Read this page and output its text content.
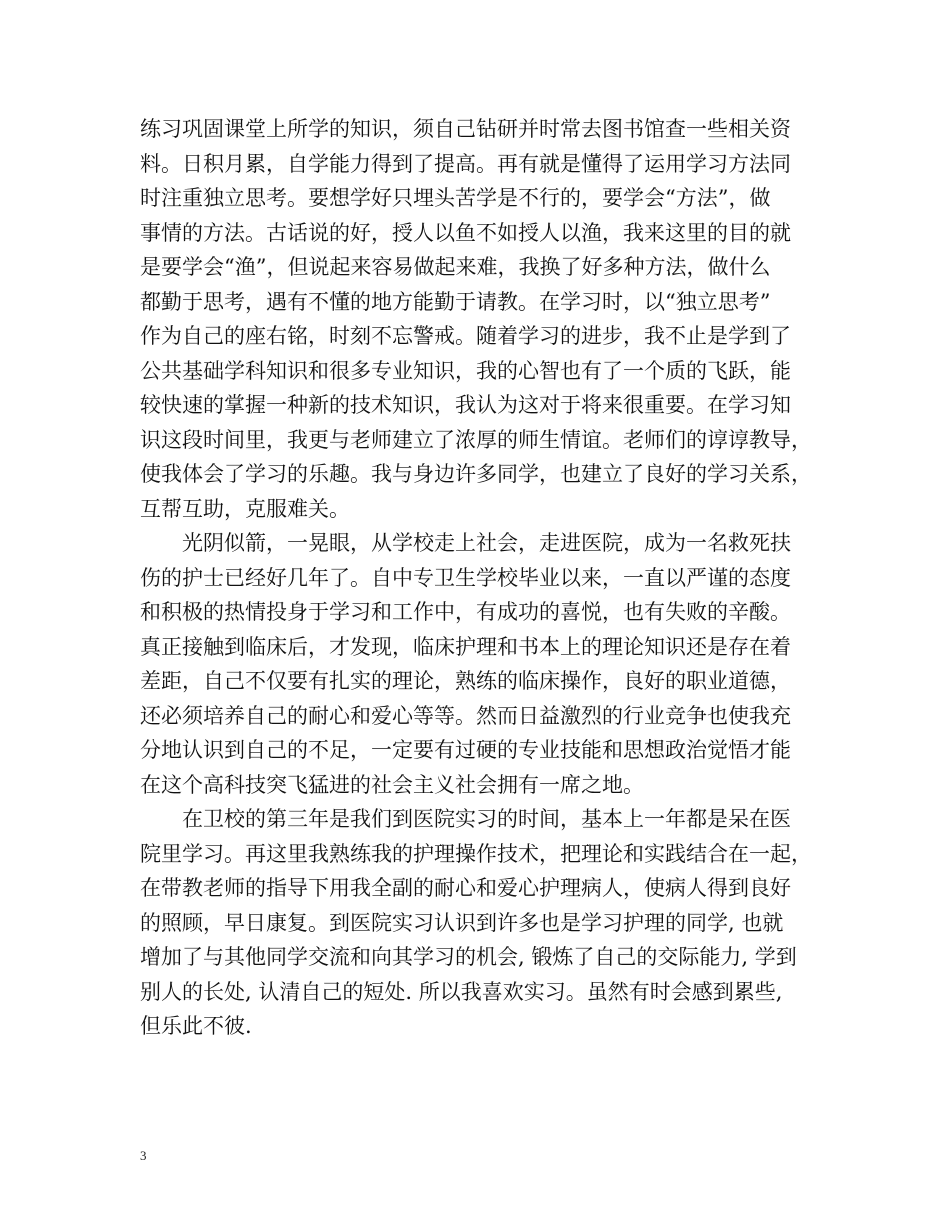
练习巩固课堂上所学的知识，须自己钻研并时常去图书馆查一些相关资
料。日积月累，自学能力得到了提高。再有就是懂得了运用学习方法同
时注重独立思考。要想学好只埋头苦学是不行的，要学会“方法”，做
事情的方法。古话说的好，授人以鱼不如授人以渔，我来这里的目的就
是要学会“渔”，但说起来容易做起来难，我换了好多种方法，做什么
都勤于思考，遇有不懂的地方能勤于请教。在学习时，以“独立思考”
作为自己的座右铭，时刻不忘警戒。随着学习的进步，我不止是学到了
公共基础学科知识和很多专业知识，我的心智也有了一个质的飞跃，能
较快速的掌握一种新的技术知识，我认为这对于将来很重要。在学习知
识这段时间里，我更与老师建立了浓厚的师生情谊。老师们的谆谆教导，
使我体会了学习的乐趣。我与身边许多同学，也建立了良好的学习关系，
互帮互助，克服难关。
　　光阴似箭，一晃眼，从学校走上社会，走进医院，成为一名救死扶
伤的护士已经好几年了。自中专卫生学校毕业以来，一直以严谨的态度
和积极的热情投身于学习和工作中，有成功的喜悦，也有失败的辛酸。
真正接触到临床后，才发现，临床护理和书本上的理论知识还是存在着
差距，自己不仅要有扎实的理论，熟练的临床操作，良好的职业道德，
还必须培养自己的耐心和爱心等等。然而日益激烈的行业竞争也使我充
分地认识到自己的不足，一定要有过硬的专业技能和思想政治觉悟才能
在这个高科技突飞猛进的社会主义社会拥有一席之地。
　　在卫校的第三年是我们到医院实习的时间，基本上一年都是呆在医
院里学习。再这里我熟练我的护理操作技术，把理论和实践结合在一起，
在带教老师的指导下用我全副的耐心和爱心护理病人，使病人得到良好
的照顾，早日康复。到医院实习认识到许多也是学习护理的同学, 也就
增加了与其他同学交流和向其学习的机会, 锻炼了自己的交际能力, 学到
别人的长处, 认清自己的短处. 所以我喜欢实习。虽然有时会感到累些,
但乐此不彼.
3
